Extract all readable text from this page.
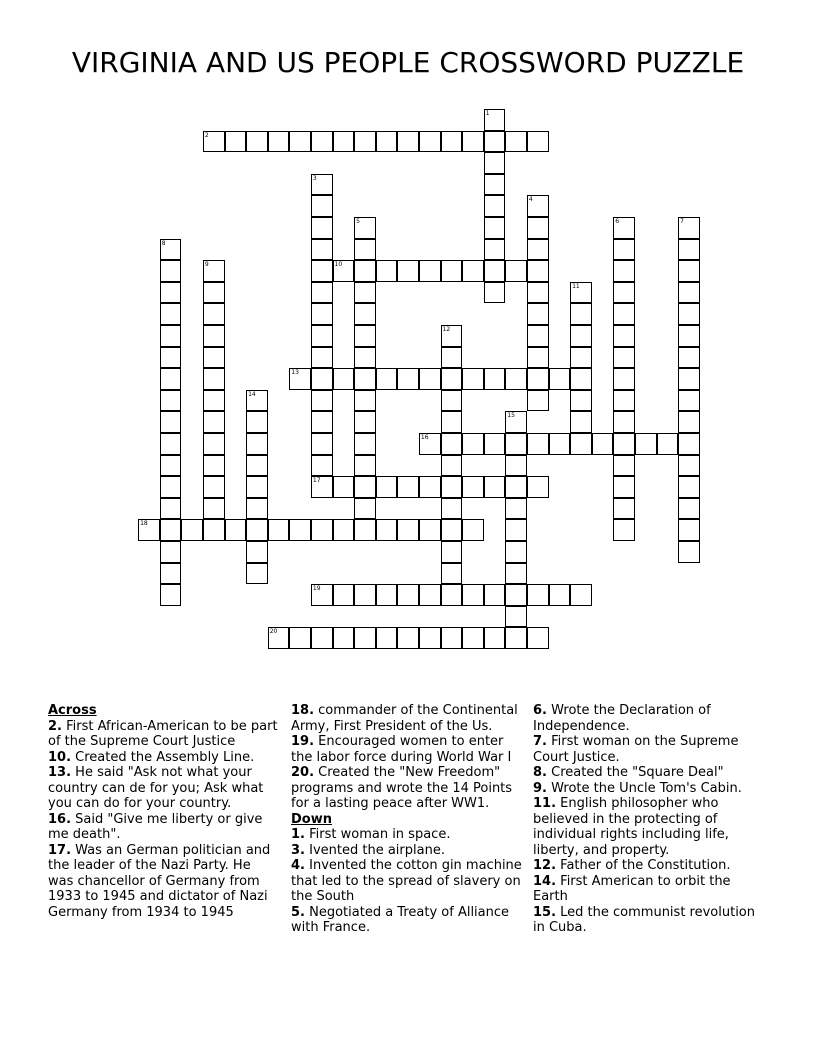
VIRGINIA AND US PEOPLE CROSSWORD PUZZLE
1
2
3
4
5	6	7
8
9	10
11
12
13
14
15
16
17
18
19
20
Across
2. First African-American to be part of the Supreme Court Justice
10. Created the Assembly Line.
13. He said "Ask not what your country can de for you; Ask what you can do for your country.
16. Said "Give me liberty or give me death".
17. Was an German politician and the leader of the Nazi Party. He was chancellor of Germany from 1933 to 1945 and dictator of Nazi Germany from 1934 to 1945
18. commander of the Continental Army, First President of the Us.
19. Encouraged women to enter the labor force during World War I
20. Created the "New Freedom" programs and wrote the 14 Points for a lasting peace after WW1.
Down
1. First woman in space.
3. Ivented the airplane.
4. Invented the cotton gin machine that led to the spread of slavery on the South
5. Negotiated a Treaty of Alliance with France.
6. Wrote the Declaration of Independence.
7. First woman on the Supreme Court Justice.
8. Created the "Square Deal"
9. Wrote the Uncle Tom's Cabin.
11. English philosopher who believed in the protecting of individual rights including life, liberty, and property.
12. Father of the Constitution.
14. First American to orbit the Earth
15. Led the communist revolution in Cuba.
